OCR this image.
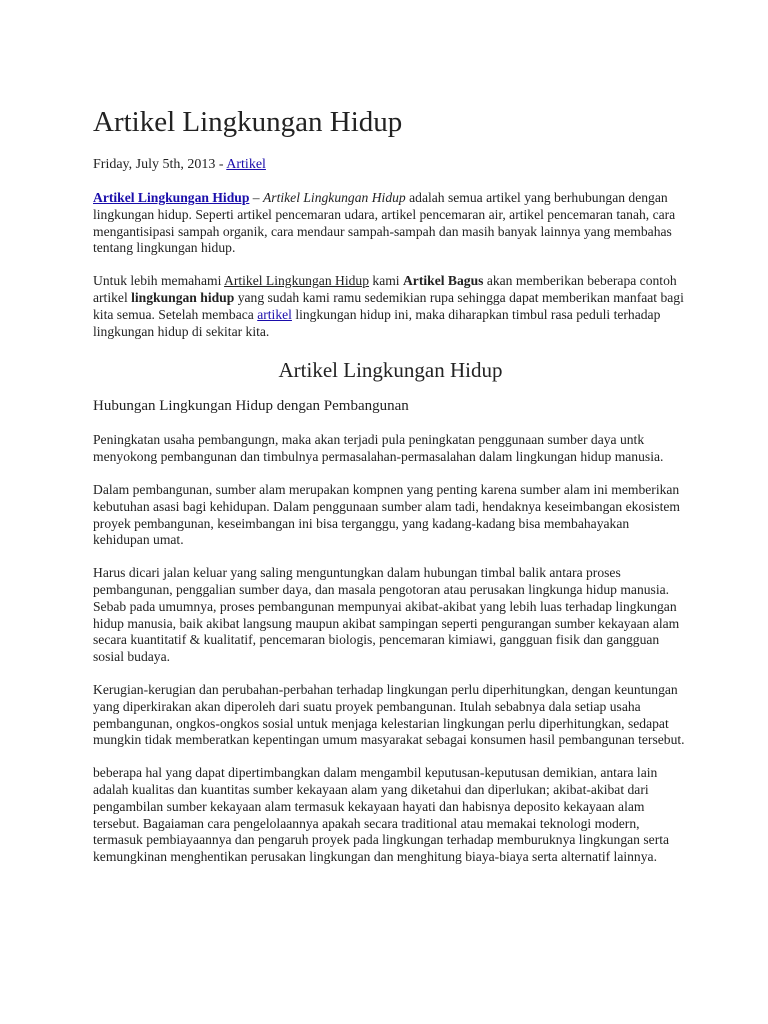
Artikel Lingkungan Hidup
Friday, July 5th, 2013 - Artikel

Artikel Lingkungan Hidup – Artikel Lingkungan Hidup adalah semua artikel yang berhubungan dengan lingkungan hidup. Seperti artikel pencemaran udara, artikel pencemaran air, artikel pencemaran tanah, cara mengantisipasi sampah organik, cara mendaur sampah-sampah dan masih banyak lainnya yang membahas tentang lingkungan hidup.

Untuk lebih memahami Artikel Lingkungan Hidup kami Artikel Bagus akan memberikan beberapa contoh artikel lingkungan hidup yang sudah kami ramu sedemikian rupa sehingga dapat memberikan manfaat bagi kita semua. Setelah membaca artikel lingkungan hidup ini, maka diharapkan timbul rasa peduli terhadap lingkungan hidup di sekitar kita.

Artikel Lingkungan Hidup
Hubungan Lingkungan Hidup dengan Pembangunan

Peningkatan usaha pembangungn, maka akan terjadi pula peningkatan penggunaan sumber daya untk menyokong pembangunan dan timbulnya permasalahan-permasalahan dalam lingkungan hidup manusia.

Dalam pembangunan, sumber alam merupakan kompnen yang penting karena sumber alam ini memberikan kebutuhan asasi bagi kehidupan. Dalam penggunaan sumber alam tadi, hendaknya keseimbangan ekosistem proyek pembangunan, keseimbangan ini bisa terganggu, yang kadang-kadang bisa membahayakan kehidupan umat.

Harus dicari jalan keluar yang saling menguntungkan dalam hubungan timbal balik antara proses pembangunan, penggalian sumber daya, dan masala pengotoran atau perusakan lingkunga hidup manusia. Sebab pada umumnya, proses pembangunan mempunyai akibat-akibat yang lebih luas terhadap lingkungan hidup manusia, baik akibat langsung maupun akibat sampingan seperti pengurangan sumber kekayaan alam secara kuantitatif & kualitatif, pencemaran biologis, pencemaran kimiawi, gangguan fisik dan gangguan sosial budaya.

Kerugian-kerugian dan perubahan-perbahan terhadap lingkungan perlu diperhitungkan, dengan keuntungan yang diperkirakan akan diperoleh dari suatu proyek pembangunan. Itulah sebabnya dala setiap usaha pembangunan, ongkos-ongkos sosial untuk menjaga kelestarian lingkungan perlu diperhitungkan, sedapat mungkin tidak memberatkan kepentingan umum masyarakat sebagai konsumen hasil pembangunan tersebut.

beberapa hal yang dapat dipertimbangkan dalam mengambil keputusan-keputusan demikian, antara lain adalah kualitas dan kuantitas sumber kekayaan alam yang diketahui dan diperlukan; akibat-akibat dari pengambilan sumber kekayaan alam termasuk kekayaan hayati dan habisnya deposito kekayaan alam tersebut. Bagaiaman cara pengelolaannya apakah secara traditional atau memakai teknologi modern, termasuk pembiayaannya dan pengaruh proyek pada lingkungan terhadap memburuknya lingkungan serta kemungkinan menghentikan perusakan lingkungan dan menghitung biaya-biaya serta alternatif lainnya.
